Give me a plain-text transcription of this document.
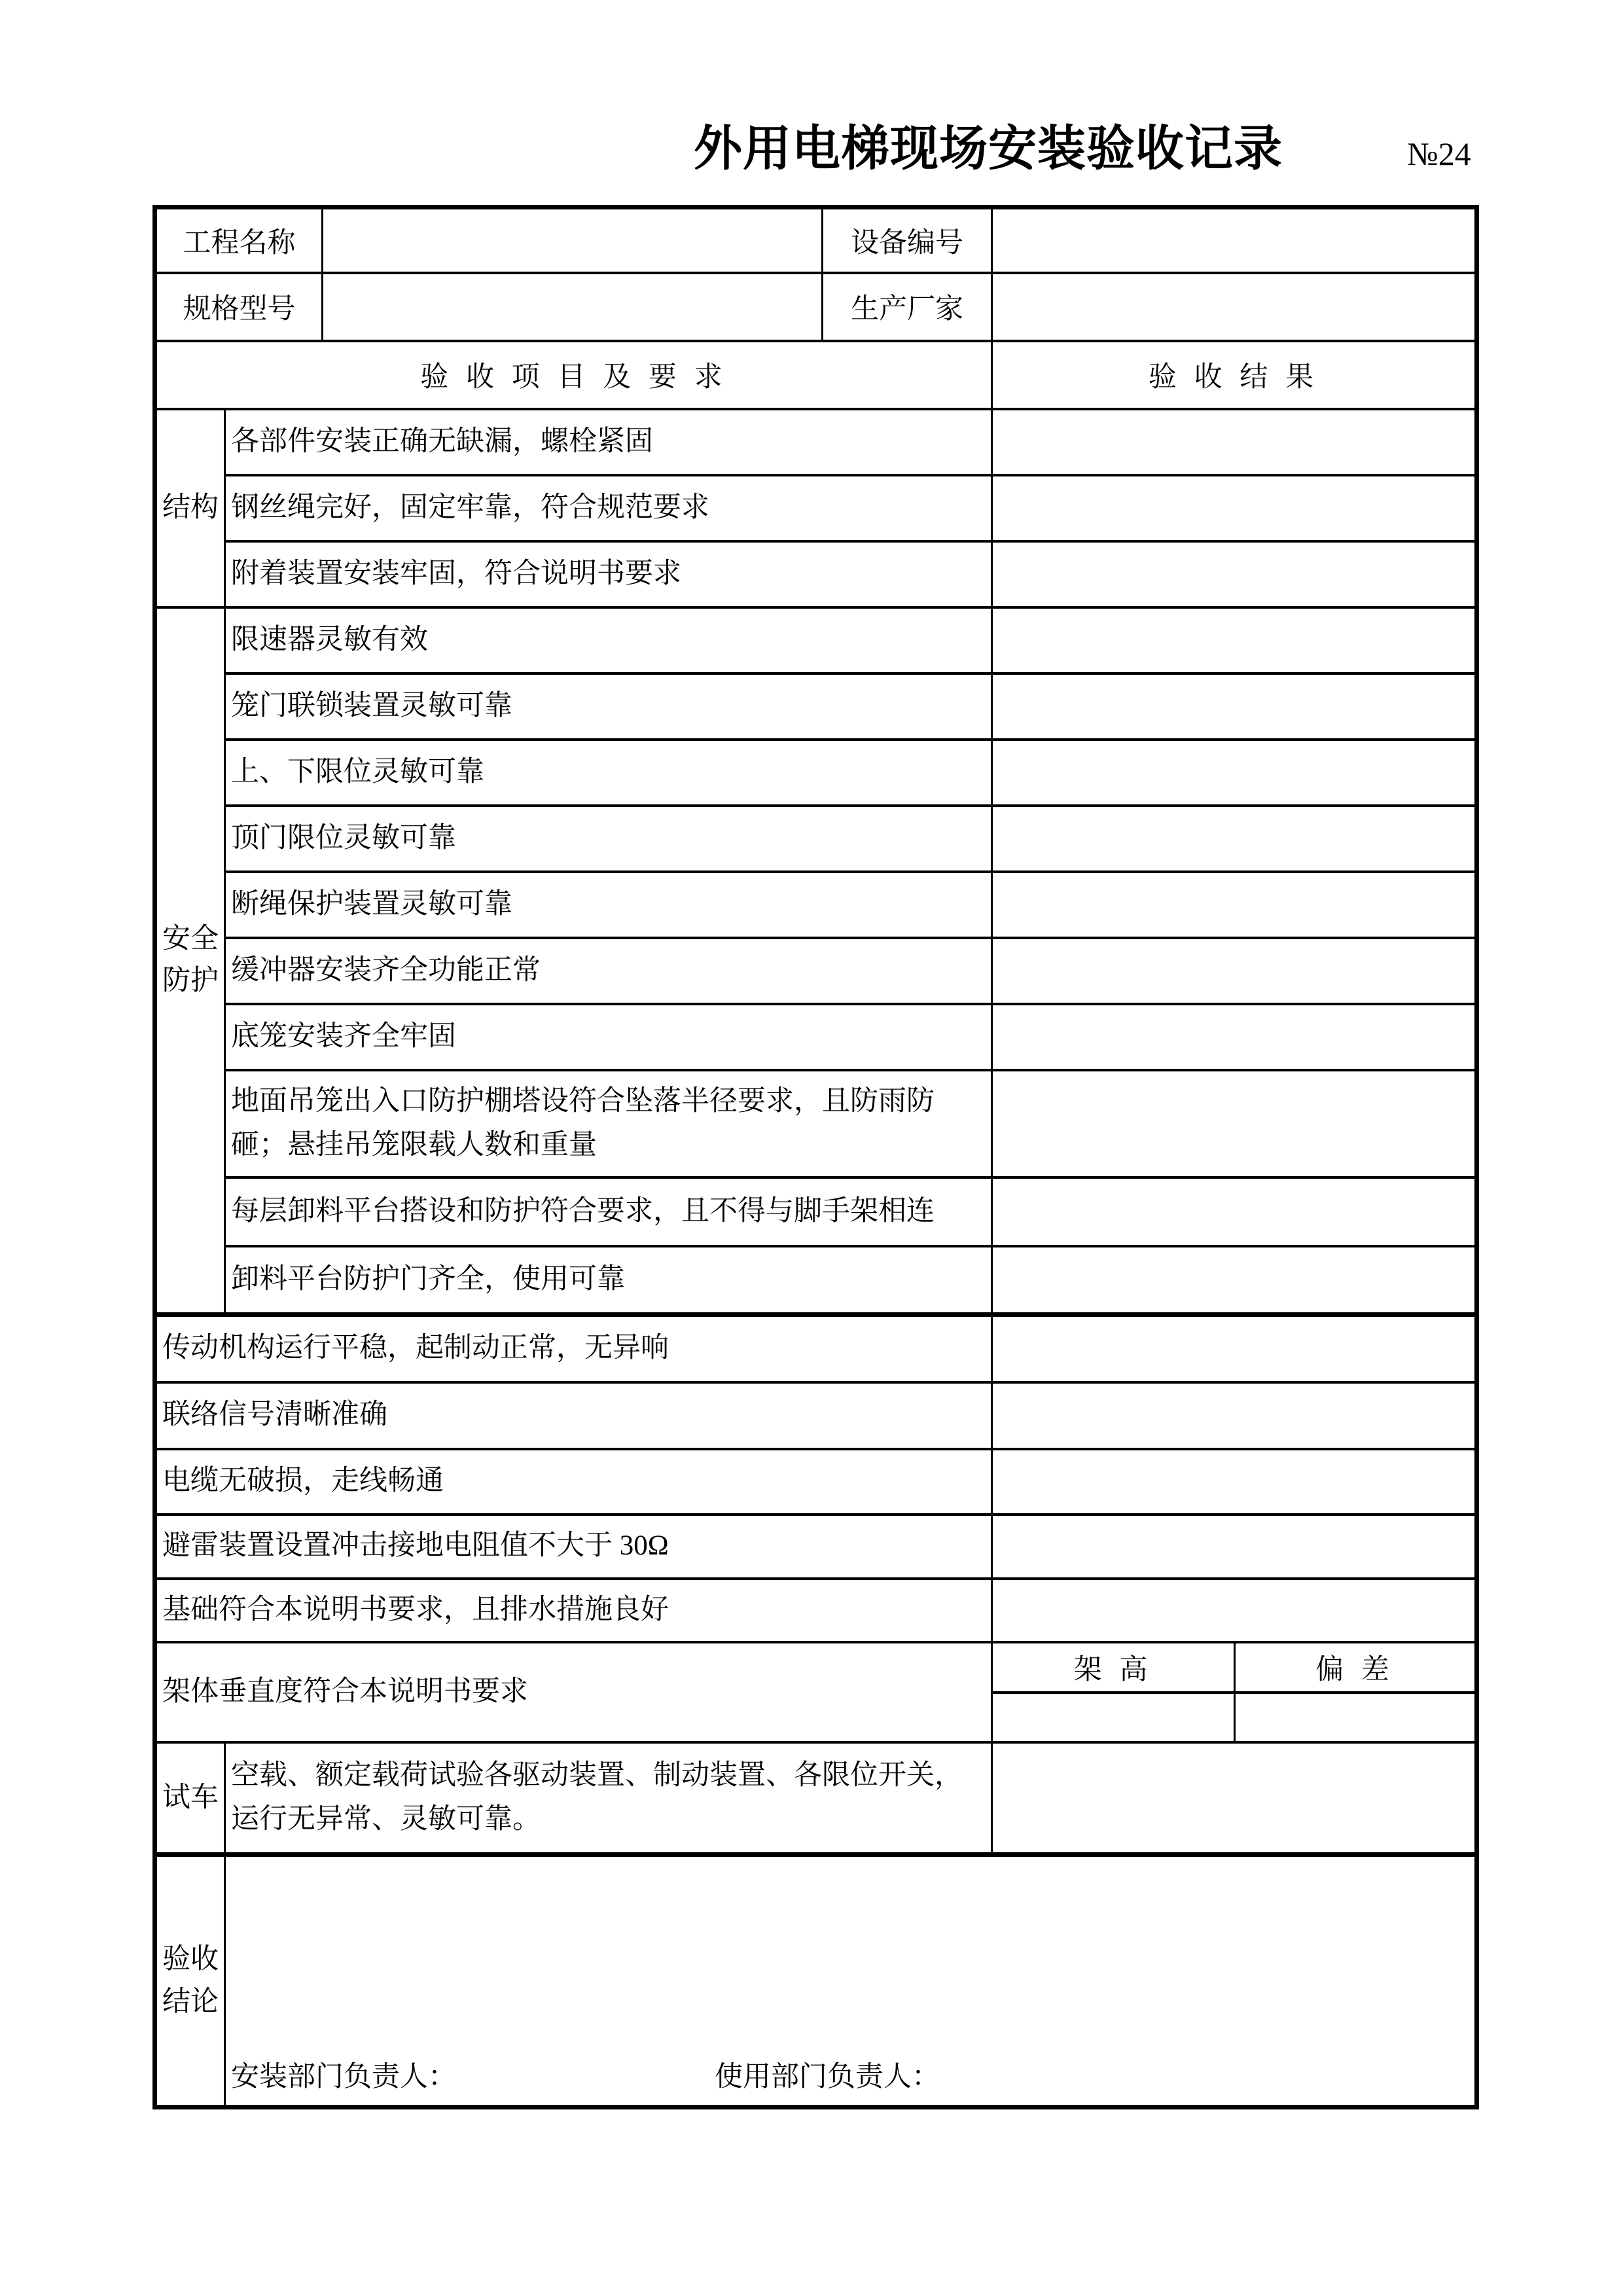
外用电梯现场安装验收记录	№24
工程名称			设备编号		
规格型号			生产厂家		
验 收 项 目 及 要 求				验 收 结 果	
结构	各部件安装正确无缺漏，螺栓紧固				
	钢丝绳完好，固定牢靠，符合规范要求				
	附着装置安装牢固，符合说明书要求				

安全
防护	限速器灵敏有效				
	笼门联锁装置灵敏可靠				
	上、下限位灵敏可靠				
	顶门限位灵敏可靠				
	断绳保护装置灵敏可靠				
	缓冲器安装齐全功能正常				
	底笼安装齐全牢固				
	地面吊笼出入口防护棚塔设符合坠落半径要求，且防雨防砸；悬挂吊笼限载人数和重量				
	每层卸料平台搭设和防护符合要求，且不得与脚手架相连				
	卸料平台防护门齐全，使用可靠				
传动机构运行平稳，起制动正常，无异响					
联络信号清晰准确					
电缆无破损，走线畅通					
避雷装置设置冲击接地电阻值不大于 30Ω					
基础符合本说明书要求，且排水措施良好					
架体垂直度符合本说明书要求				架 高	偏 差

试车	空载、额定载荷试验各驱动装置、制动装置、各限位开关，运行无异常、灵敏可靠。				

验收
结论	安装部门负责人： 使用部门负责人：				
